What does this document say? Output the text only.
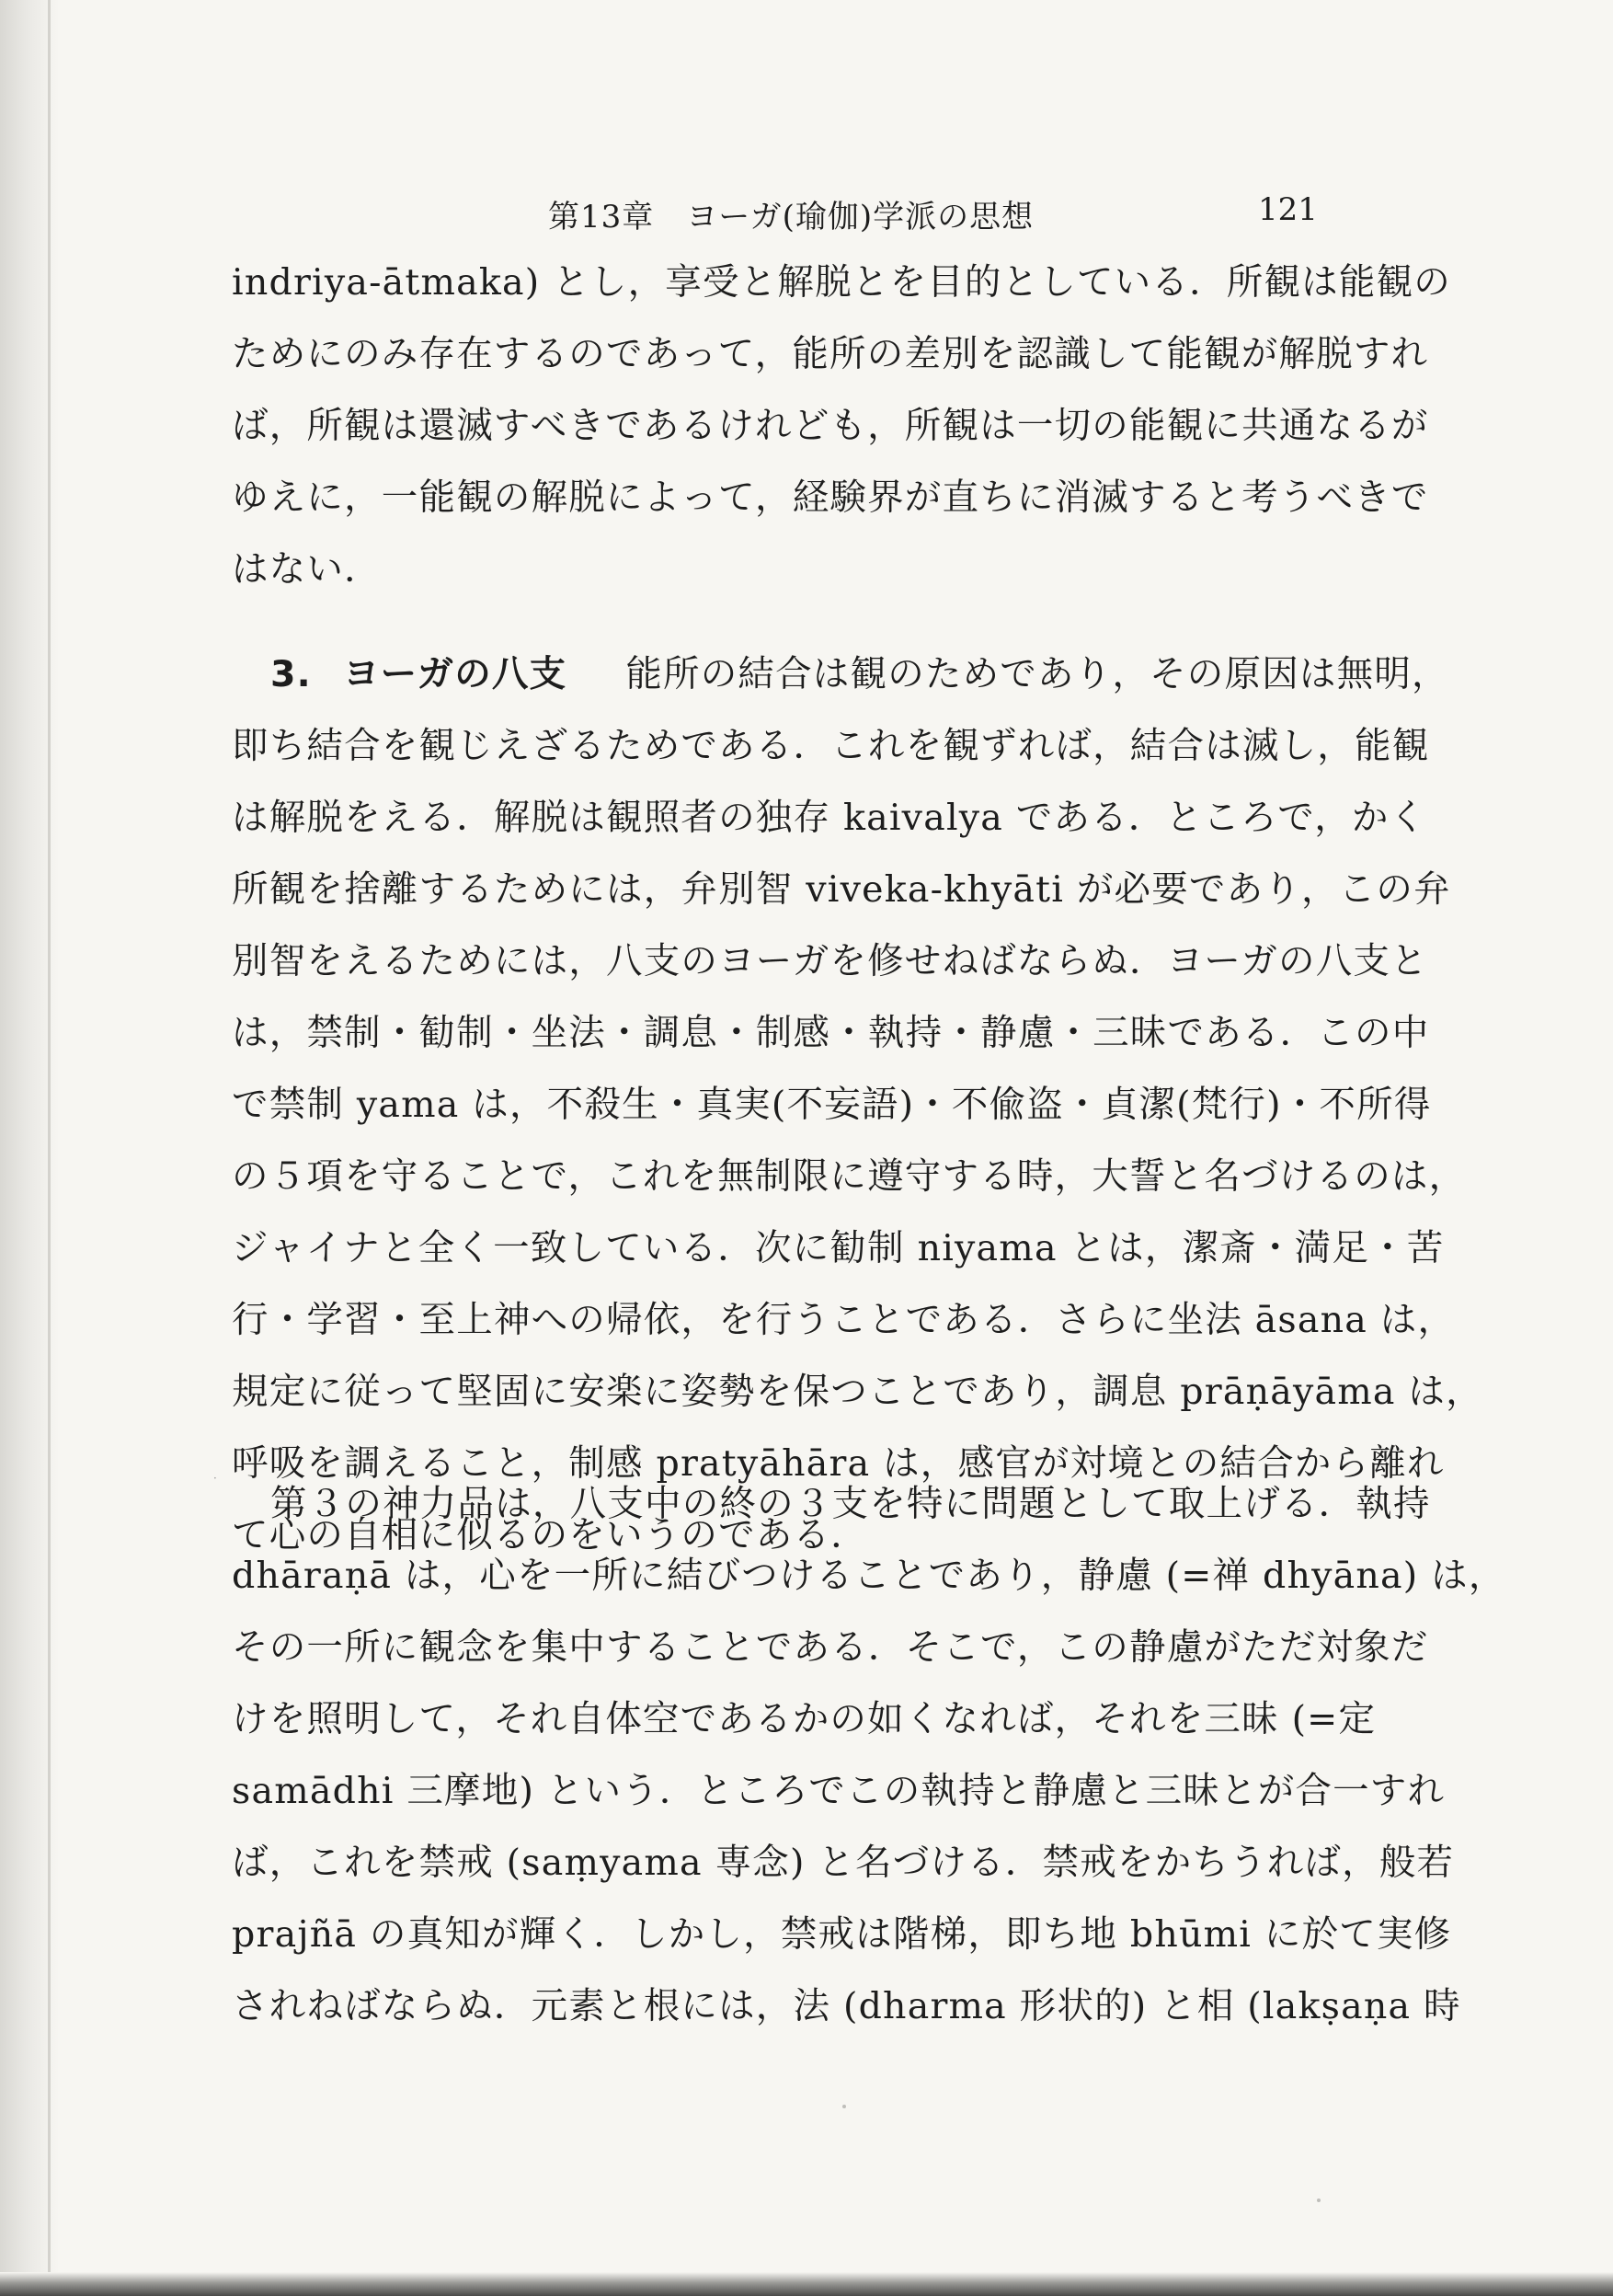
第13章　ヨーガ(瑜伽)学派の思想	121
indriya-ātmaka) とし，享受と解脱とを目的としている．所観は能観の
ためにのみ存在するのであって，能所の差別を認識して能観が解脱すれ
ば，所観は還滅すべきであるけれども，所観は一切の能観に共通なるが
ゆえに，一能観の解脱によって，経験界が直ちに消滅すると考うべきで
はない．
3. ヨーガの八支 能所の結合は観のためであり，その原因は無明，
即ち結合を観じえざるためである．これを観ずれば，結合は滅し，能観
は解脱をえる．解脱は観照者の独存 kaivalya である．ところで，かく
所観を捨離するためには，弁別智 viveka-khyāti が必要であり，この弁
別智をえるためには，八支のヨーガを修せねばならぬ．ヨーガの八支と
は，禁制・勧制・坐法・調息・制感・執持・静慮・三昧である．この中
で禁制 yama は，不殺生・真実(不妄語)・不偸盗・貞潔(梵行)・不所得
の５項を守ることで，これを無制限に遵守する時，大誓と名づけるのは，
ジャイナと全く一致している．次に勧制 niyama とは，潔斎・満足・苦
行・学習・至上神への帰依，を行うことである．さらに坐法 āsana は，
規定に従って堅固に安楽に姿勢を保つことであり，調息 prāṇāyāma は，
呼吸を調えること，制感 pratyāhāra は，感官が対境との結合から離れ
て心の自相に似るのをいうのである．
·
第３の神力品は，八支中の終の３支を特に問題として取上げる．執持
dhāraṇā は，心を一所に結びつけることであり，静慮 (=禅 dhyāna) は，
その一所に観念を集中することである．そこで，この静慮がただ対象だ
けを照明して，それ自体空であるかの如くなれば，それを三昧 (=定
samādhi 三摩地) という．ところでこの執持と静慮と三昧とが合一すれ
ば，これを禁戒 (saṃyama 専念) と名づける．禁戒をかちうれば，般若
prajñā の真知が輝く．しかし，禁戒は階梯，即ち地 bhūmi に於て実修
されねばならぬ．元素と根には，法 (dharma 形状的) と相 (lakṣaṇa 時
